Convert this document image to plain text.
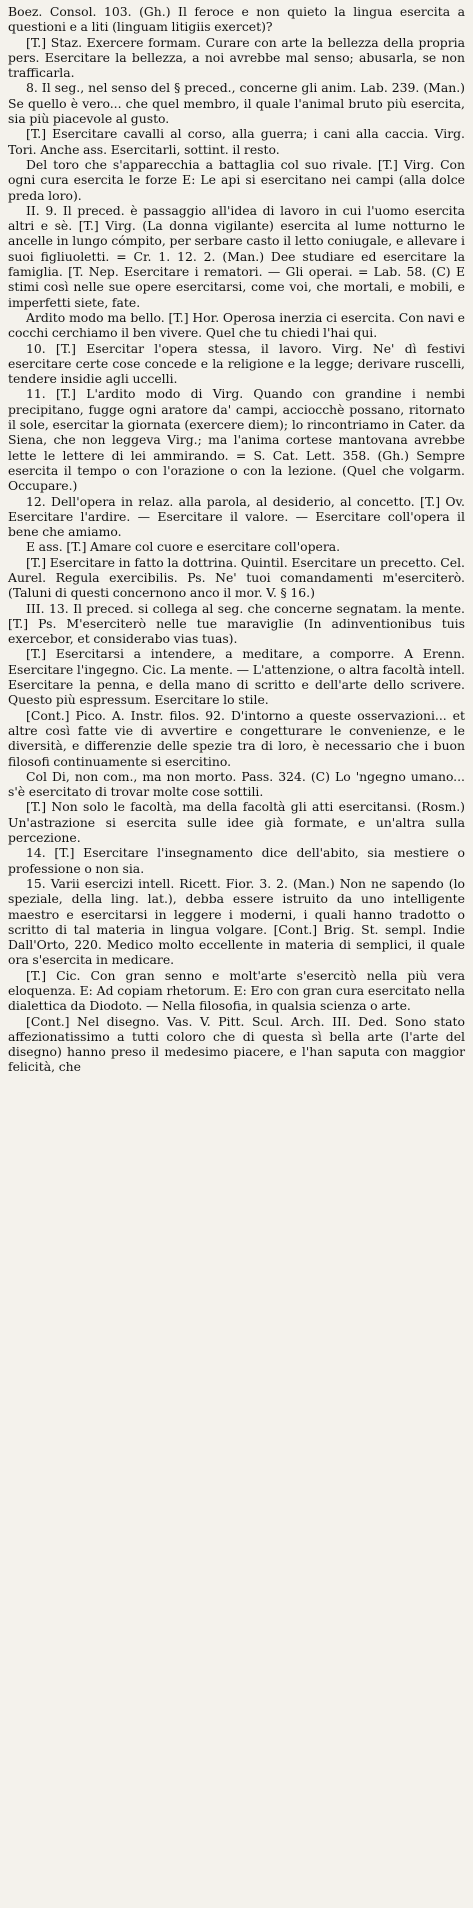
Boez. Consol. 103. (Gh.) Il feroce e non quieto la lingua esercita a questioni e a liti (linguam litigiis exercet)?

[T.] Staz. Exercere formam. Curare con arte la bellezza della propria pers. Esercitare la bellezza, a noi avrebbe mal senso; abusarla, se non trafficarla.

8. Il seg., nel senso del § preced., concerne gli anim. Lab. 239. (Man.) Se quello è vero... che quel membro, il quale l'animal bruto più esercita, sia più piacevole al gusto.

[T.] Esercitare cavalli al corso, alla guerra; i cani alla caccia. Virg. Tori. Anche ass. Esercitarli, sottint. il resto.

Del toro che s'apparecchia a battaglia col suo rivale. [T.] Virg. Con ogni cura esercita le forze E: Le api si esercitano nei campi (alla dolce preda loro).

II. 9. Il preced. è passaggio all'idea di lavoro in cui l'uomo esercita altri e sè. [T.] Virg. (La donna vigilante) esercita al lume notturno le ancelle in lungo cómpito, per serbare casto il letto coniugale, e allevare i suoi figliuoletti. = Cr. 1. 12. 2. (Man.) Dee studiare ed esercitare la famiglia. [T. Nep. Esercitare i rematori. — Gli operai. = Lab. 58. (C) E stimi così nelle sue opere esercitarsi, come voi, che mortali, e mobili, e imperfetti siete, fate.

Ardito modo ma bello. [T.] Hor. Operosa inerzia ci esercita. Con navi e cocchi cerchiamo il ben vivere. Quel che tu chiedi l'hai qui.

10. [T.] Esercitar l'opera stessa, il lavoro. Virg. Ne' dì festivi esercitare certe cose concede e la religione e la legge; derivare ruscelli, tendere insidie agli uccelli.

11. [T.] L'ardito modo di Virg. Quando con grandine i nembi precipitano, fugge ogni aratore da' campi, acciocchè possano, ritornato il sole, esercitar la giornata (exercere diem); lo rincontriamo in Cater. da Siena, che non leggeva Virg.; ma l'anima cortese mantovana avrebbe lette le lettere di lei ammirando. = S. Cat. Lett. 358. (Gh.) Sempre esercita il tempo o con l'orazione o con la lezione. (Quel che volgarm. Occupare.)

12. Dell'opera in relaz. alla parola, al desiderio, al concetto. [T.] Ov. Esercitare l'ardire. — Esercitare il valore. — Esercitare coll'opera il bene che amiamo.

E ass. [T.] Amare col cuore e esercitare coll'opera.

[T.] Esercitare in fatto la dottrina. Quintil. Esercitare un precetto. Cel. Aurel. Regula exercibilis. Ps. Ne' tuoi comandamenti m'eserciterò. (Taluni di questi concernono anco il mor. V. § 16.)

III. 13. Il preced. si collega al seg. che concerne segnatam. la mente. [T.] Ps. M'eserciterò nelle tue maraviglie (In adinventionibus tuis exercebor, et considerabo vias tuas).

[T.] Esercitarsi a intendere, a meditare, a comporre. A Erenn. Esercitare l'ingegno. Cic. La mente. — L'attenzione, o altra facoltà intell. Esercitare la penna, e della mano di scritto e dell'arte dello scrivere. Questo più espressum. Esercitare lo stile.

[Cont.] Pico. A. Instr. filos. 92. D'intorno a queste osservazioni... et altre così fatte vie di avvertire e congetturare le convenienze, e le diversità, e differenzie delle spezie tra di loro, è necessario che i buon filosofi continuamente si esercitino.

Col Di, non com., ma non morto. Pass. 324. (C) Lo 'ngegno umano... s'è esercitato di trovar molte cose sottili.

[T.] Non solo le facoltà, ma della facoltà gli atti esercitansi. (Rosm.) Un'astrazione si esercita sulle idee già formate, e un'altra sulla percezione.

14. [T.] Esercitare l'insegnamento dice dell'abito, sia mestiere o professione o non sia.

15. Varii esercizi intell. Ricett. Fior. 3. 2. (Man.) Non ne sapendo (lo speziale, della ling. lat.), debba essere istruito da uno intelligente maestro e esercitarsi in leggere i moderni, i quali hanno tradotto o scritto di tal materia in lingua volgare. [Cont.] Brig. St. sempl. Indie Dall'Orto, 220. Medico molto eccellente in materia di semplici, il quale ora s'esercita in medicare.

[T.] Cic. Con gran senno e molt'arte s'esercitò nella più vera eloquenza. E: Ad copiam rhetorum. E: Ero con gran cura esercitato nella dialettica da Diodoto. — Nella filosofia, in qualsia scienza o arte.

[Cont.] Nel disegno. Vas. V. Pitt. Scul. Arch. III. Ded. Sono stato affezionatissimo a tutti coloro che di questa sì bella arte (l'arte del disegno) hanno preso il medesimo piacere, e l'han saputa con maggior felicità, che
